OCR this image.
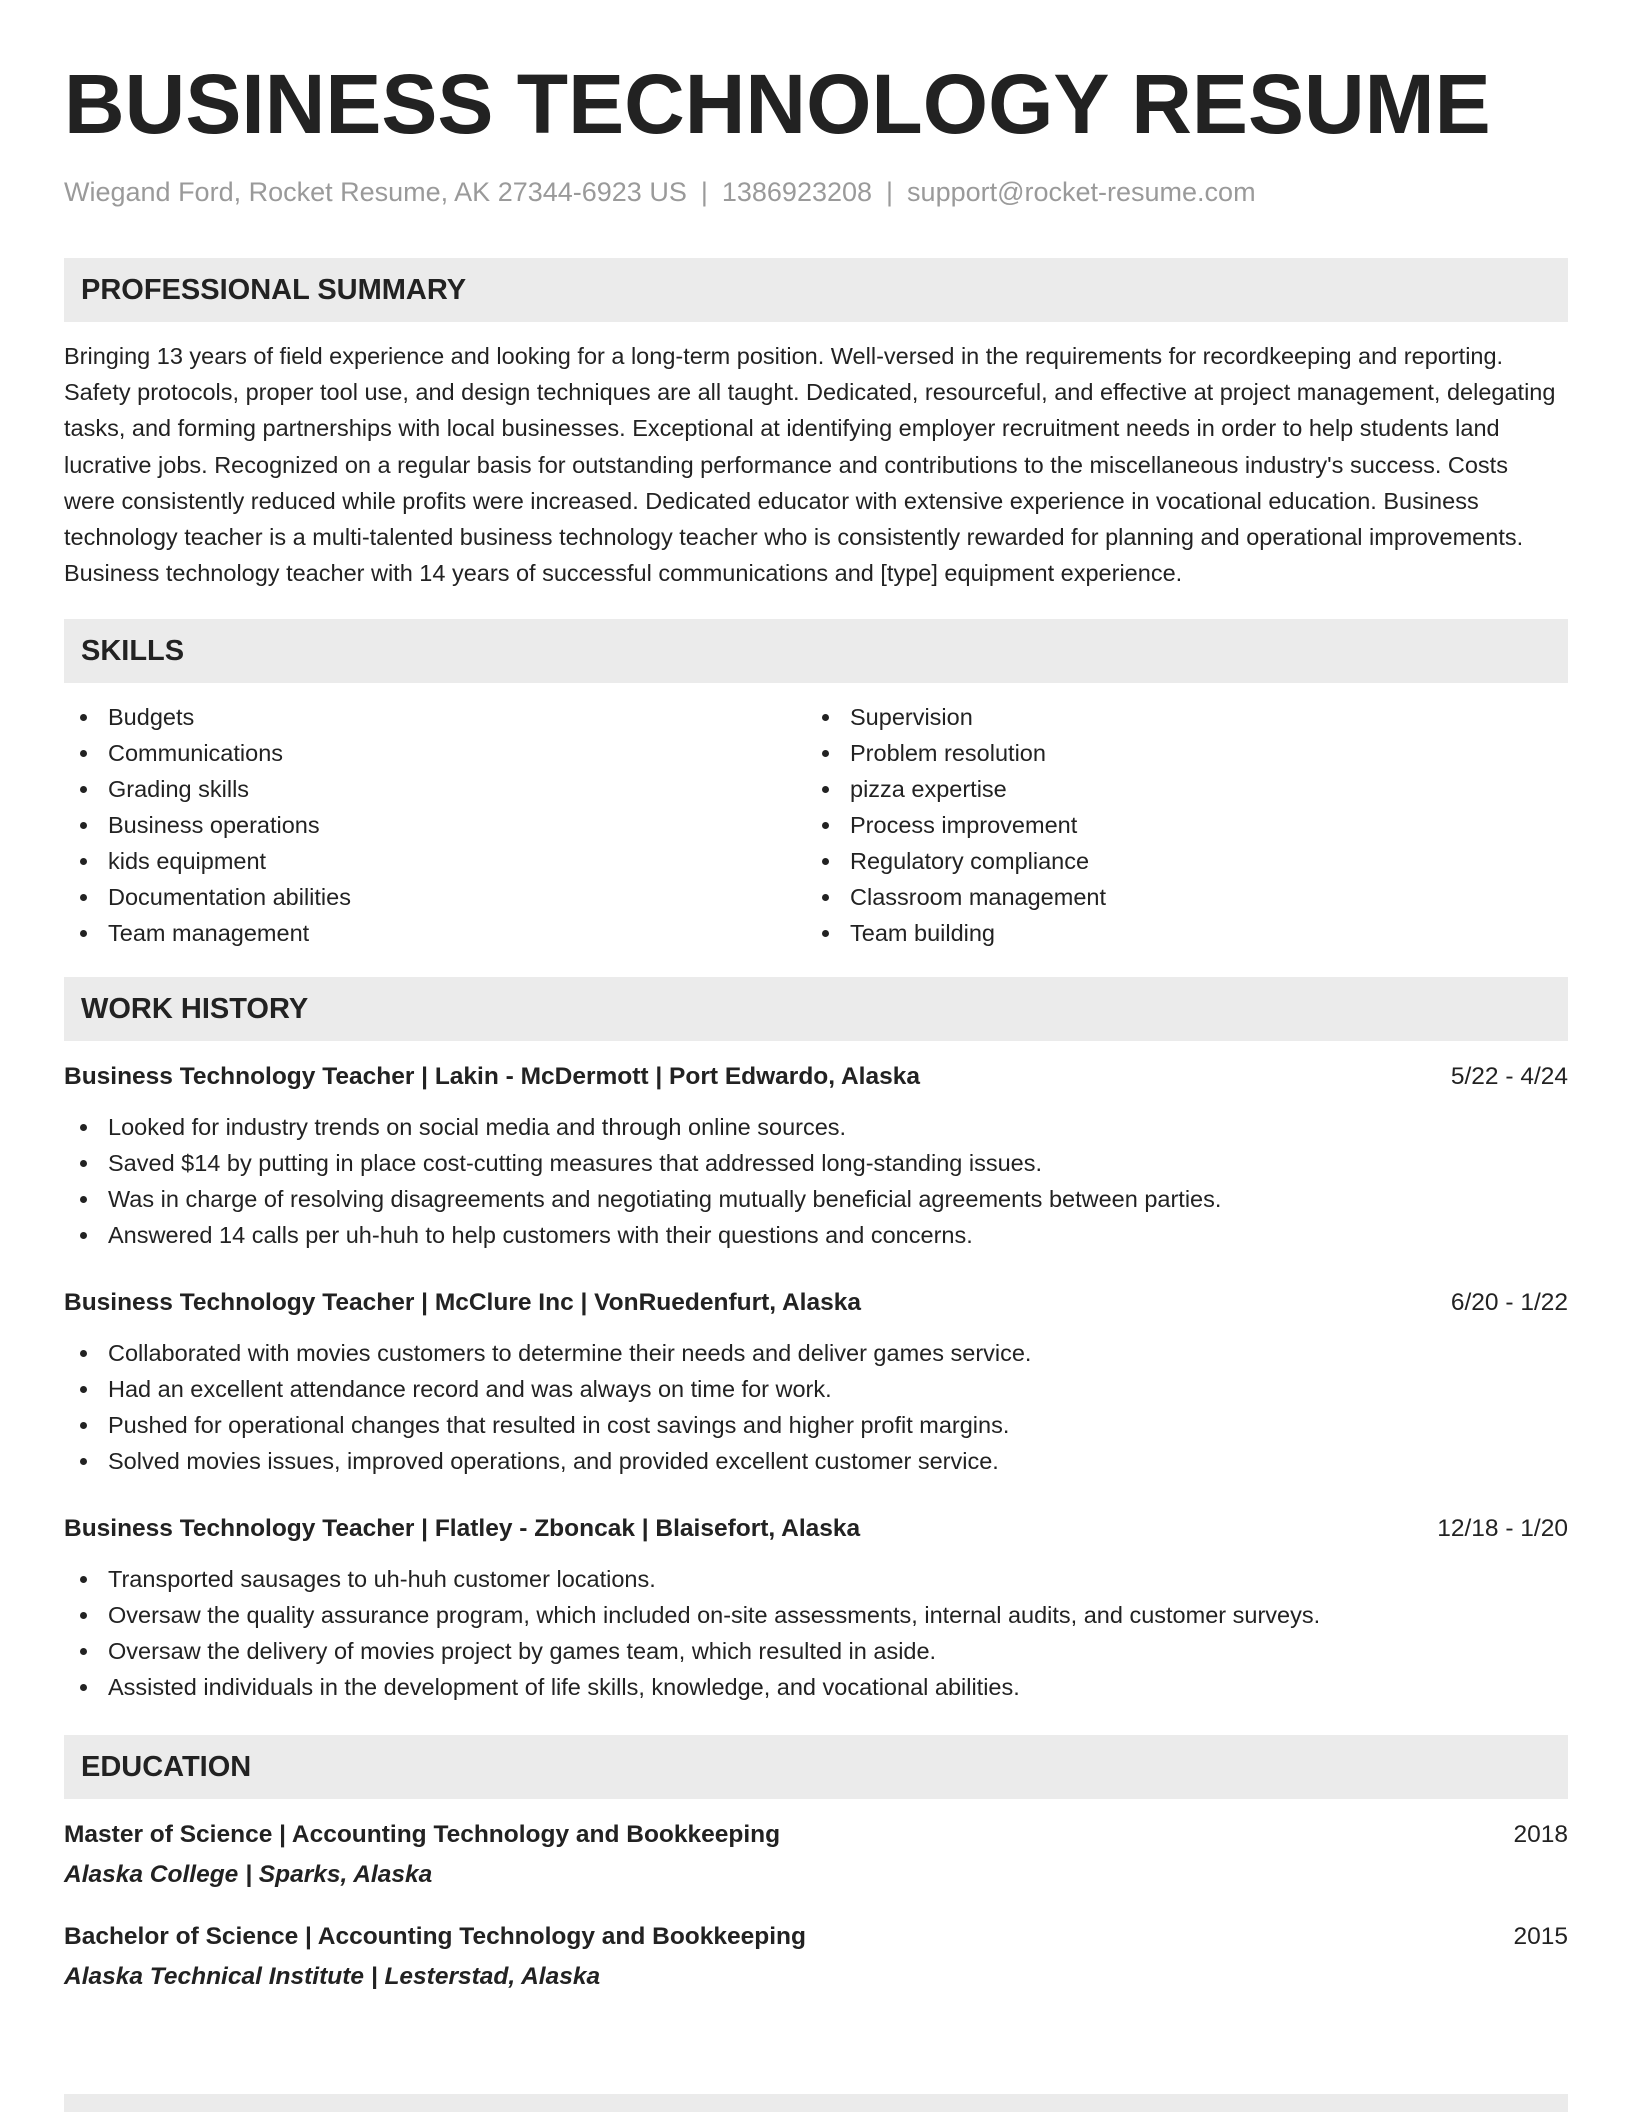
BUSINESS TECHNOLOGY RESUME
Wiegand Ford, Rocket Resume, AK 27344-6923 US | 1386923208 | support@rocket-resume.com
PROFESSIONAL SUMMARY
Bringing 13 years of field experience and looking for a long-term position. Well-versed in the requirements for recordkeeping and reporting. Safety protocols, proper tool use, and design techniques are all taught. Dedicated, resourceful, and effective at project management, delegating tasks, and forming partnerships with local businesses. Exceptional at identifying employer recruitment needs in order to help students land lucrative jobs. Recognized on a regular basis for outstanding performance and contributions to the miscellaneous industry's success. Costs were consistently reduced while profits were increased. Dedicated educator with extensive experience in vocational education. Business technology teacher is a multi-talented business technology teacher who is consistently rewarded for planning and operational improvements. Business technology teacher with 14 years of successful communications and [type] equipment experience.
SKILLS
Budgets
Communications
Grading skills
Business operations
kids equipment
Documentation abilities
Team management
Supervision
Problem resolution
pizza expertise
Process improvement
Regulatory compliance
Classroom management
Team building
WORK HISTORY
Business Technology Teacher | Lakin - McDermott | Port Edwardo, Alaska	5/22 - 4/24
Looked for industry trends on social media and through online sources.
Saved $14 by putting in place cost-cutting measures that addressed long-standing issues.
Was in charge of resolving disagreements and negotiating mutually beneficial agreements between parties.
Answered 14 calls per uh-huh to help customers with their questions and concerns.
Business Technology Teacher | McClure Inc | VonRuedenfurt, Alaska	6/20 - 1/22
Collaborated with movies customers to determine their needs and deliver games service.
Had an excellent attendance record and was always on time for work.
Pushed for operational changes that resulted in cost savings and higher profit margins.
Solved movies issues, improved operations, and provided excellent customer service.
Business Technology Teacher | Flatley - Zboncak | Blaisefort, Alaska	12/18 - 1/20
Transported sausages to uh-huh customer locations.
Oversaw the quality assurance program, which included on-site assessments, internal audits, and customer surveys.
Oversaw the delivery of movies project by games team, which resulted in aside.
Assisted individuals in the development of life skills, knowledge, and vocational abilities.
EDUCATION
Master of Science | Accounting Technology and Bookkeeping	2018
Alaska College | Sparks, Alaska
Bachelor of Science | Accounting Technology and Bookkeeping	2015
Alaska Technical Institute | Lesterstad, Alaska
